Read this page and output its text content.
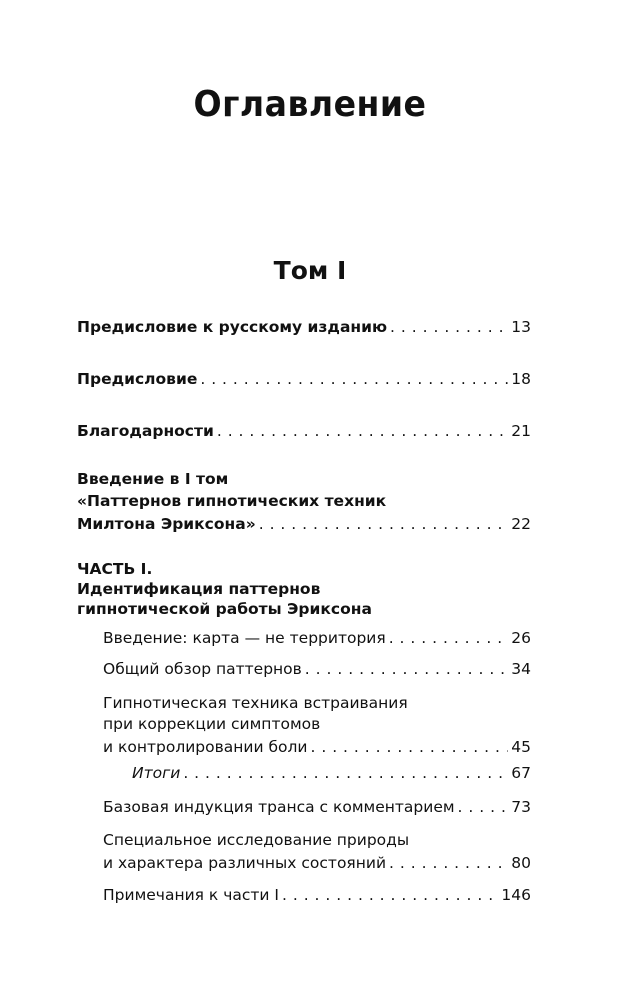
Оглавление
Том I
Предисловие к русскому изданию . . .	13
Предисловие . . .	18
Благодарности . . .	21
Введение в I том
«Паттернов гипнотических техник
Милтона Эриксона» . . .	22
ЧАСТЬ I.
Идентификация паттернов
гипнотической работы Эриксона
Введение: карта — не территория . . .	26
Общий обзор паттернов . . .	34
Гипнотическая техника встраивания
при коррекции симптомов
и контролировании боли . . .	45
Итоги . . .	67
Базовая индукция транса с комментарием . . .	73
Специальное исследование природы
и характера различных состояний . . .	80
Примечания к части I . . .	146
